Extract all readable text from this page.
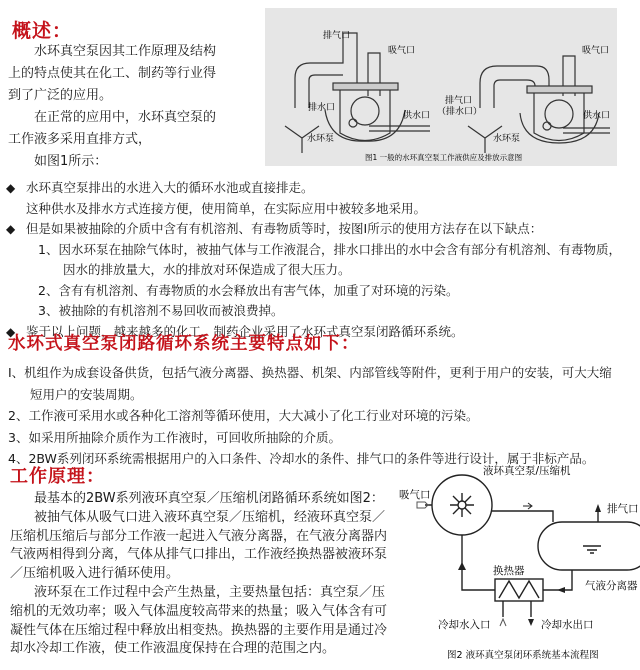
概述：

水环真空泵因其工作原理及结构

上的特点使其在化工、制药等行业得

到了广泛的应用。

在正常的应用中，水环真空泵的

工作液多采用直排方式，

如图1所示：

排气口
吸气口
排水口
供水口
水环泵
吸气口
排气口
（排水口）	供水口
水环泵
图1 一般的水环真空泵工作液供应及排放示意图
◆ 水环真空泵排出的水进入大的循环水池或直接排走。
这种供水及排水方式连接方便，使用简单，在实际应用中被较多地采用。
◆ 但是如果被抽除的介质中含有有机溶剂、有毒物质等时，按图I所示的使用方法存在以下缺点：
1、因水环泵在抽除气体时，被抽气体与工作液混合，排水口排出的水中会含有部分有机溶剂、有毒物质，
因水的排放量大，水的排放对环保造成了很大压力。
2、含有有机溶剂、有毒物质的水会释放出有害气体，加重了对环境的污染。
3、被抽除的有机溶剂不易回收而被浪费掉。
◆ 鉴于以上问题，越来越多的化工、制药企业采用了水环式真空泵闭路循环系统。
水环式真空泵闭路循环系统主要特点如下：
I、机组作为成套设备供货，包括气液分离器、换热器、机架、内部管线等附件，更利于用户的安装，可大大缩
短用户的安装周期。
2、工作液可采用水或各种化工溶剂等循环使用，大大减小了化工行业对环境的污染。
3、如采用所抽除介质作为工作液时，可回收所抽除的介质。
4、2BW系列闭环系统需根据用户的入口条件、冷却水的条件、排气口的条件等进行设计，属于非标产品。
工作原理：
最基本的2BW系列液环真空泵／压缩机闭路循环系统如图2：
被抽气体从吸气口进入液环真空泵／压缩机，经液环真空泵／
压缩机压缩后与部分工作液一起进入气液分离器，在气液分离器内
气液两相得到分离，气体从排气口排出，工作液经换热器被液环泵
／压缩机吸入进行循环使用。
液环泵在工作过程中会产生热量，主要热量包括：真空泵／压
缩机的无效功率；吸入气体温度较高带来的热量；吸入气体含有可
凝性气体在压缩过程中释放出相变热。换热器的主要作用是通过冷
却水冷却工作液，使工作液温度保持在合理的范围之内。
液环真空泵/压缩机
吸气口
排气口
换热器
气液分离器
冷却水入口	冷却水出口
图2 液环真空泵闭环系统基本流程图
